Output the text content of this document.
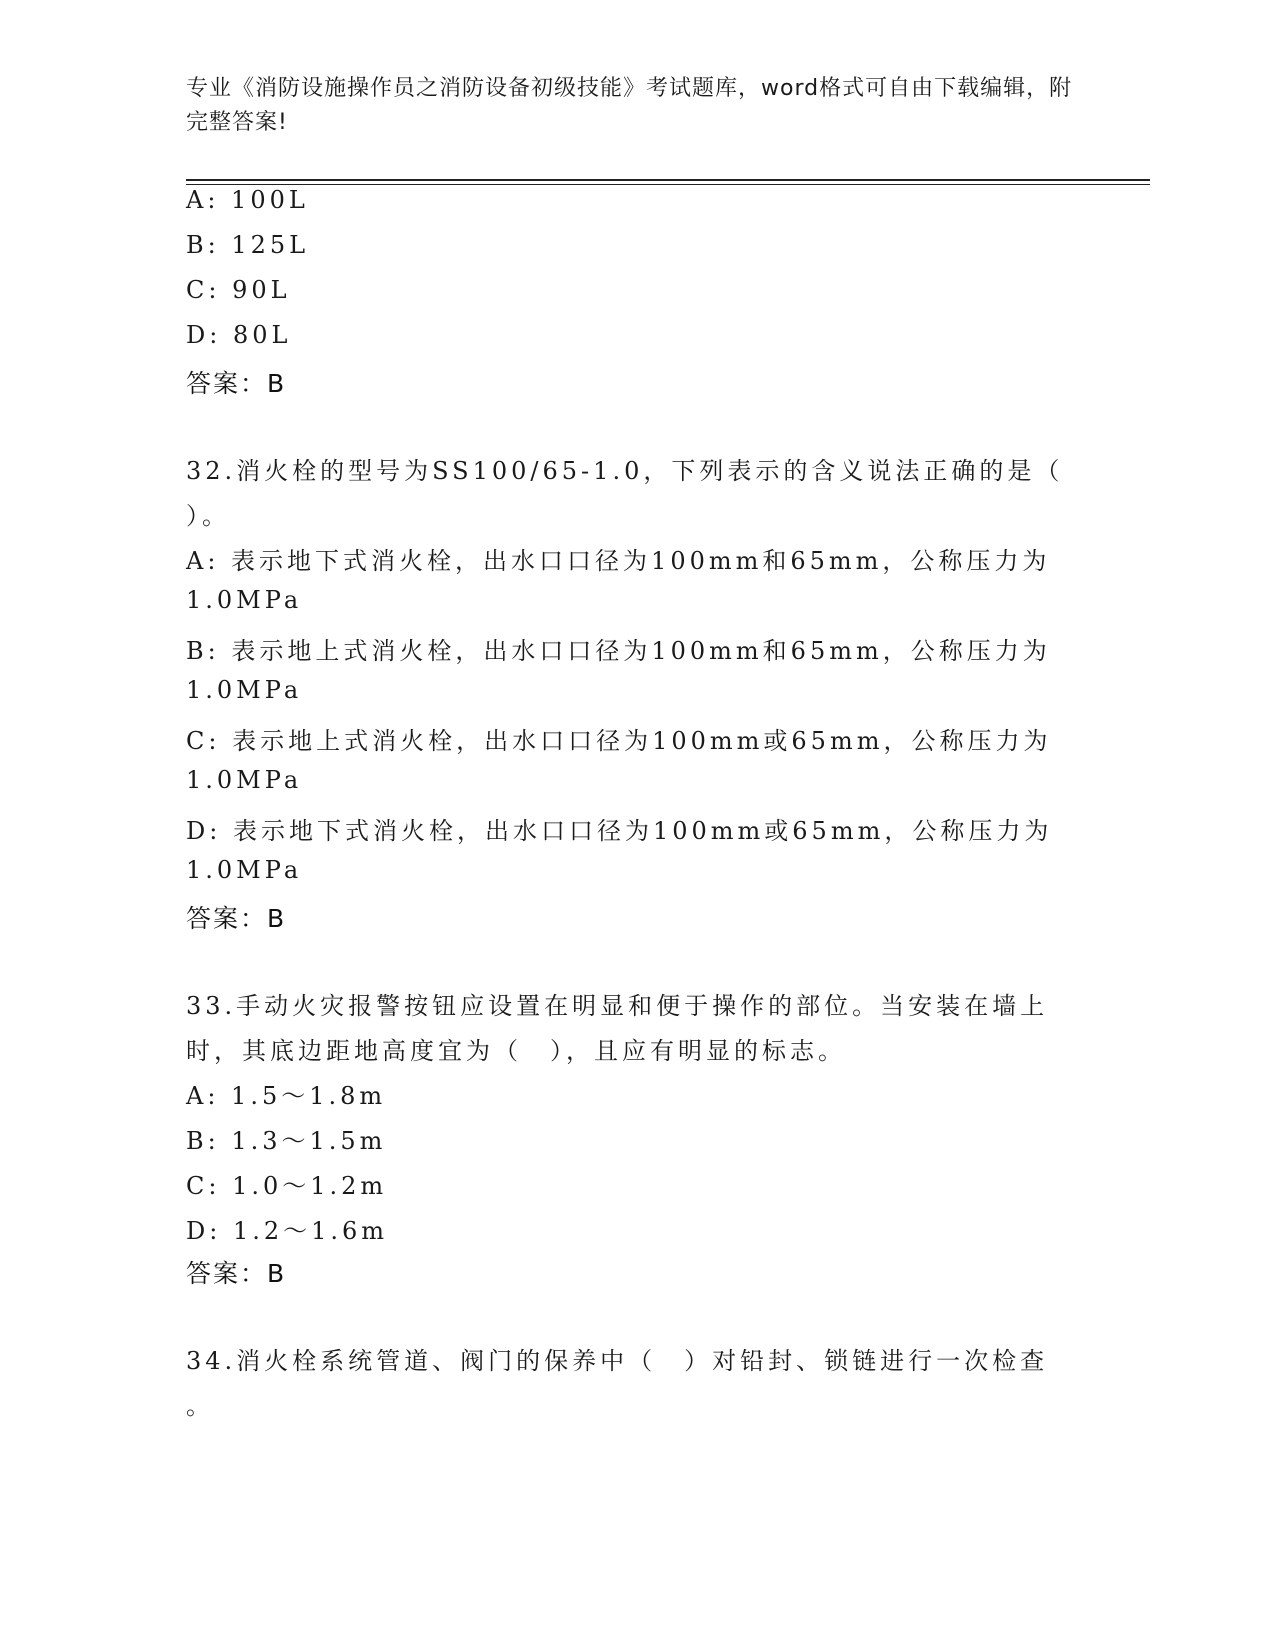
专业《消防设施操作员之消防设备初级技能》考试题库，word格式可自由下载编辑，附完整答案!
A: 100L
B: 125L
C: 90L
D: 80L
答案：B
32.消火栓的型号为SS100/65-1.0，下列表示的含义说法正确的是（
）。
A: 表示地下式消火栓，出水口口径为100mm和65mm，公称压力为
1.0MPa
B: 表示地上式消火栓，出水口口径为100mm和65mm，公称压力为
1.0MPa
C: 表示地上式消火栓，出水口口径为100mm或65mm，公称压力为
1.0MPa
D: 表示地下式消火栓，出水口口径为100mm或65mm，公称压力为
1.0MPa
答案：B
33.手动火灾报警按钮应设置在明显和便于操作的部位。当安装在墙上
时，其底边距地高度宜为（　），且应有明显的标志。
A: 1.5～1.8m
B: 1.3～1.5m
C: 1.0～1.2m
D: 1.2～1.6m
答案：B
34.消火栓系统管道、阀门的保养中（　）对铅封、锁链进行一次检查
。
